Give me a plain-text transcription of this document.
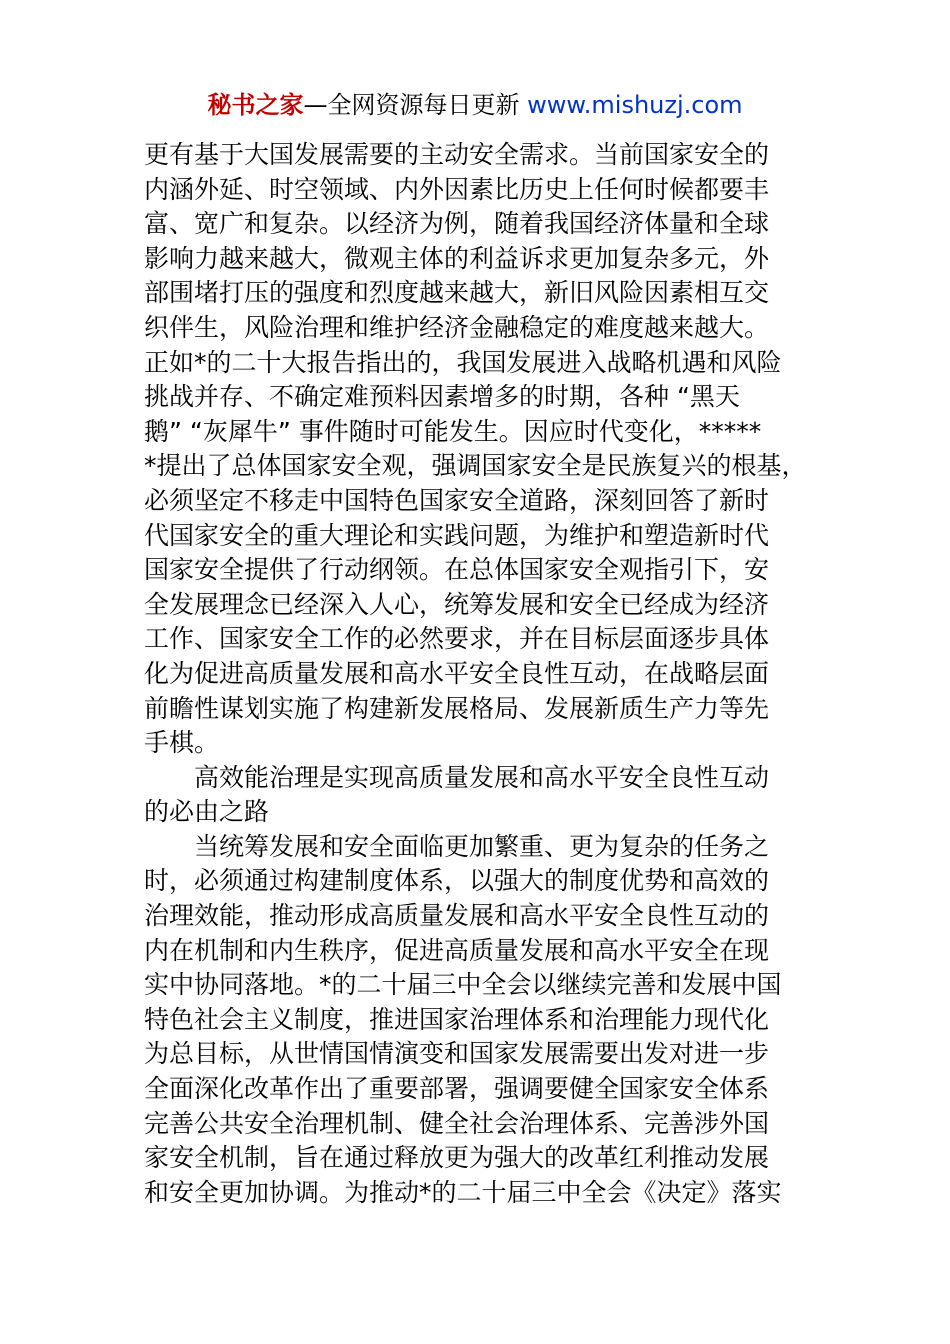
秘书之家—全网资源每日更新 www.mishuzj.com
更有基于大国发展需要的主动安全需求。当前国家安全的
内涵外延、时空领域、内外因素比历史上任何时候都要丰
富、宽广和复杂。以经济为例，随着我国经济体量和全球
影响力越来越大，微观主体的利益诉求更加复杂多元，外
部围堵打压的强度和烈度越来越大，新旧风险因素相互交
织伴生，风险治理和维护经济金融稳定的难度越来越大。
正如*的二十大报告指出的，我国发展进入战略机遇和风险
挑战并存、不确定难预料因素增多的时期，各种 “黑天
鹅” “灰犀牛” 事件随时可能发生。因应时代变化，*****
*提出了总体国家安全观，强调国家安全是民族复兴的根基，
必须坚定不移走中国特色国家安全道路，深刻回答了新时
代国家安全的重大理论和实践问题，为维护和塑造新时代
国家安全提供了行动纲领。在总体国家安全观指引下，安
全发展理念已经深入人心，统筹发展和安全已经成为经济
工作、国家安全工作的必然要求，并在目标层面逐步具体
化为促进高质量发展和高水平安全良性互动，在战略层面
前瞻性谋划实施了构建新发展格局、发展新质生产力等先
手棋。
高效能治理是实现高质量发展和高水平安全良性互动
的必由之路
当统筹发展和安全面临更加繁重、更为复杂的任务之
时，必须通过构建制度体系，以强大的制度优势和高效的
治理效能，推动形成高质量发展和高水平安全良性互动的
内在机制和内生秩序，促进高质量发展和高水平安全在现
实中协同落地。*的二十届三中全会以继续完善和发展中国
特色社会主义制度，推进国家治理体系和治理能力现代化
为总目标，从世情国情演变和国家发展需要出发对进一步
全面深化改革作出了重要部署，强调要健全国家安全体系
完善公共安全治理机制、健全社会治理体系、完善涉外国
家安全机制，旨在通过释放更为强大的改革红利推动发展
和安全更加协调。为推动*的二十届三中全会《决定》落实
